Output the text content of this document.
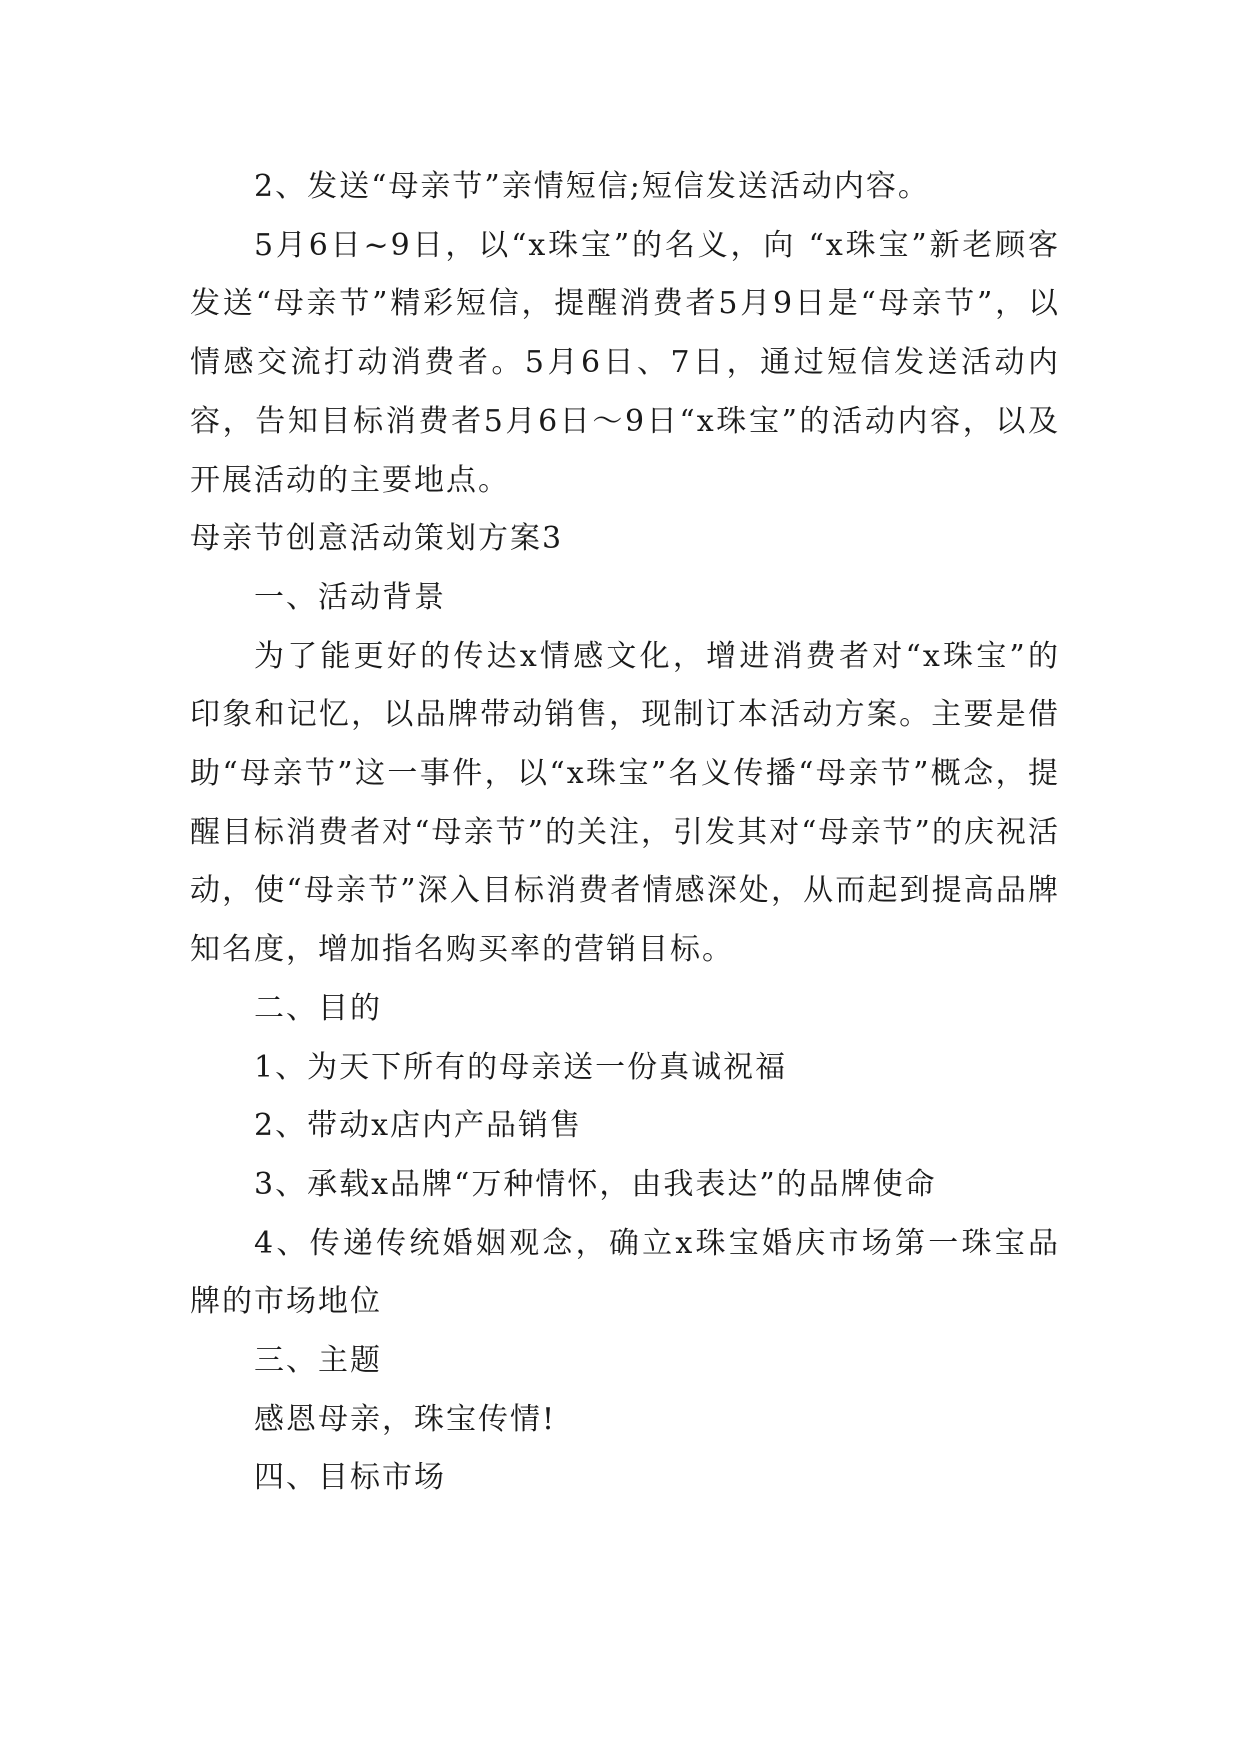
2、发送“母亲节”亲情短信;短信发送活动内容。

5月6日~9日，以“x珠宝”的名义，向 “x珠宝”新老顾客发送“母亲节”精彩短信，提醒消费者5月9日是“母亲节”，以情感交流打动消费者。5月6日、7日，通过短信发送活动内容，告知目标消费者5月6日～9日“x珠宝”的活动内容，以及开展活动的主要地点。

母亲节创意活动策划方案3

一、活动背景

为了能更好的传达x情感文化，增进消费者对“x珠宝”的印象和记忆，以品牌带动销售，现制订本活动方案。主要是借助“母亲节”这一事件，以“x珠宝”名义传播“母亲节”概念，提醒目标消费者对“母亲节”的关注，引发其对“母亲节”的庆祝活动，使“母亲节”深入目标消费者情感深处，从而起到提高品牌知名度，增加指名购买率的营销目标。

二、目的

1、为天下所有的母亲送一份真诚祝福

2、带动x店内产品销售

3、承载x品牌“万种情怀，由我表达”的品牌使命

4、传递传统婚姻观念，确立x珠宝婚庆市场第一珠宝品牌的市场地位

三、主题

感恩母亲，珠宝传情!

四、目标市场
